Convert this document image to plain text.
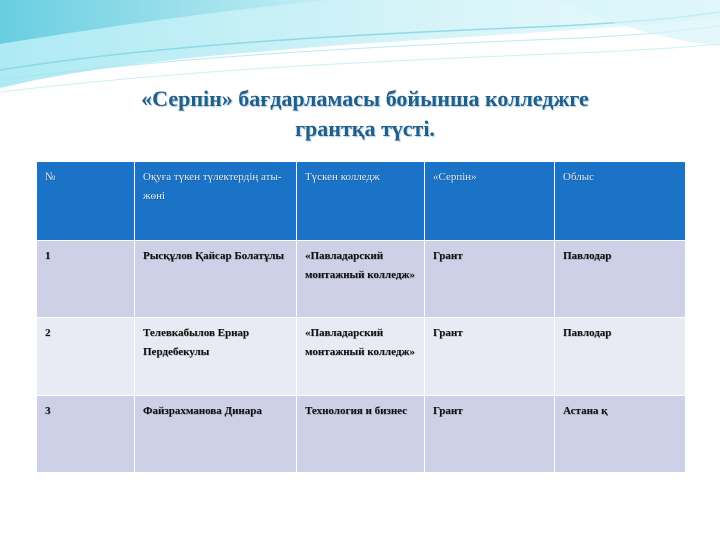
«Серпін» бағдарламасы бойынша колледжге
грантқа түсті.
№	Оқуға түкен түлектердің аты-жөні	Түскен колледж	«Серпін»	Облыс
1	Рысқұлов Қайсар Болатұлы	«Павладарский монтажный колледж»	Грант	Павлодар
2	Телевкабылов Ернар Пердебекулы	«Павладарский монтажный колледж»	Грант	Павлодар
3	Файзрахманова Динара	Технология и бизнес	Грант	Астана қ
